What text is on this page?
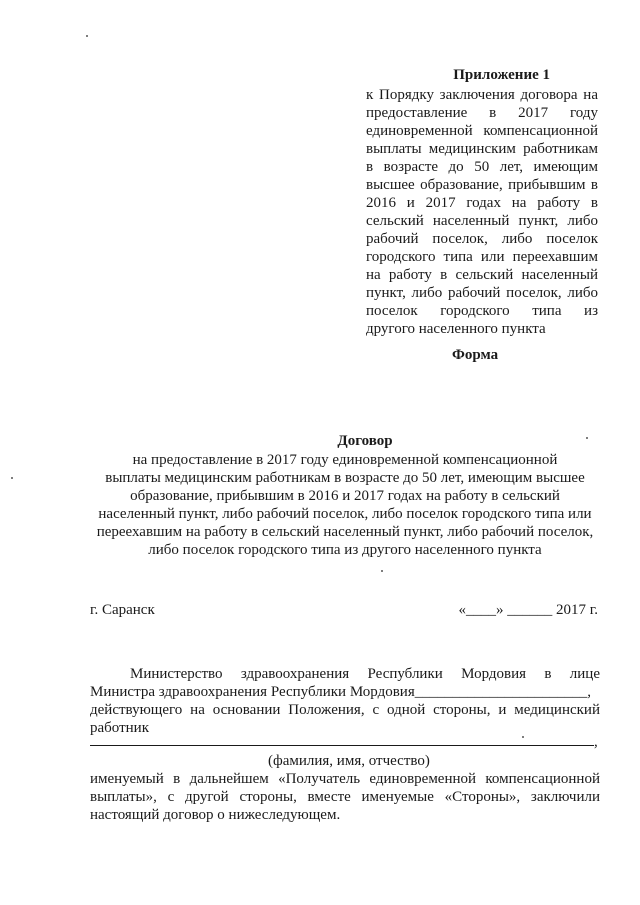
Приложение 1
к Порядку заключения договора на
предоставление в 2017 году
единовременной компенсационной
выплаты медицинским работникам
в возрасте до 50 лет, имеющим
высшее образование, прибывшим в
2016 и 2017 годах на работу в
сельский населенный пункт, либо
рабочий поселок, либо поселок
городского типа или переехавшим
на работу в сельский населенный
пункт, либо рабочий поселок, либо
поселок городского типа из
другого населенного пункта
Форма
Договор
на предоставление в 2017 году единовременной компенсационной
выплаты медицинским работникам в возрасте до 50 лет, имеющим высшее
образование, прибывшим в 2016 и 2017 годах на работу в сельский
населенный пункт, либо рабочий поселок, либо поселок городского типа или
переехавшим на работу в сельский населенный пункт, либо рабочий поселок,
либо поселок городского типа из другого населенного пункта
г. Саранск	«____» ______ 2017 г.
Министерство здравоохранения Республики Мордовия в лице
Министра здравоохранения Республики Мордовия_______________________,
действующего на основании Положения, с одной стороны, и медицинский
работник
,
(фамилия, имя, отчество)
именуемый в дальнейшем «Получатель единовременной компенсационной
выплаты», с другой стороны, вместе именуемые «Стороны», заключили
настоящий договор о нижеследующем.
